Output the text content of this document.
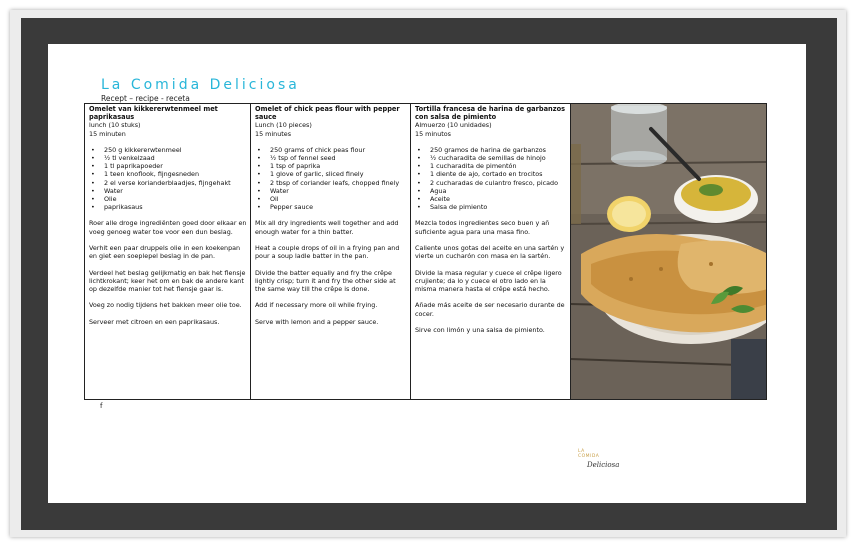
La Comida Deliciosa
Recept – recipe - receta
Omelet van kikkererwtenmeel met paprikasaus
lunch (10 stuks)
15 minuten
• 250 g kikkererwtenmeel
• ½ tl venkelzaad
• 1 tl paprikapoeder
• 1 teen knoflook, fijngesneden
• 2 el verse korianderblaadjes, fijngehakt
• Water
• Olie
• paprikasaus

Roer alle droge ingrediënten goed door elkaar en voeg genoeg water toe voor een dun beslag.

Verhit een paar druppels olie in een koekenpan en giet een soeplepel beslag in de pan.

Verdeel het beslag gelijkmatig en bak het flensje lichtkrokant; keer het om en bak de andere kant op dezelfde manier tot het flensje gaar is.

Voeg zo nodig tijdens het bakken meer olie toe.

Serveer met citroen en een paprikasaus.

Omelet of chick peas flour with pepper sauce
Lunch (10 pieces)
15 minutes
• 250 grams of chick peas flour
• ½ tsp of fennel seed
• 1 tsp of paprika
• 1 glove of garlic, sliced finely
• 2 tbsp of coriander leafs, chopped finely
• Water
• Oil
• Pepper sauce

Mix all dry ingredients well together and add enough water for a thin batter.

Heat a couple drops of oil in a frying pan and pour a soup ladle batter in the pan.

Divide the batter equally and fry the crêpe lightly crisp; turn it and fry the other side at the same way till the crêpe is done.

Add if necessary more oil while frying.

Serve with lemon and a pepper sauce.

Tortilla francesa de harina de garbanzos con salsa de pimiento
Almuerzo (10 unidades)
15 minutos
• 250 gramos de harina de garbanzos
• ½ cucharadita de semillas de hinojo
• 1 cucharadita de pimentón
• 1 diente de ajo, cortado en trocitos
• 2 cucharadas de culantro fresco, picado
• Agua
• Aceite
• Salsa de pimiento

Mezcla todos ingredientes seco buen y añ suficiente agua para una masa fino.

Caliente unos gotas del aceite en una sartén y vierte un cucharón con masa en la sartén.

Divide la masa regular y cuece el crêpe ligero crujiente; da lo y cuece el otro lado en la misma manera hasta el crêpe está hecho.

Añade más aceite de ser necesario durante de cocer.

Sirve con limón y una salsa de pimiento.

f
LA
COMIDA
Deliciosa
